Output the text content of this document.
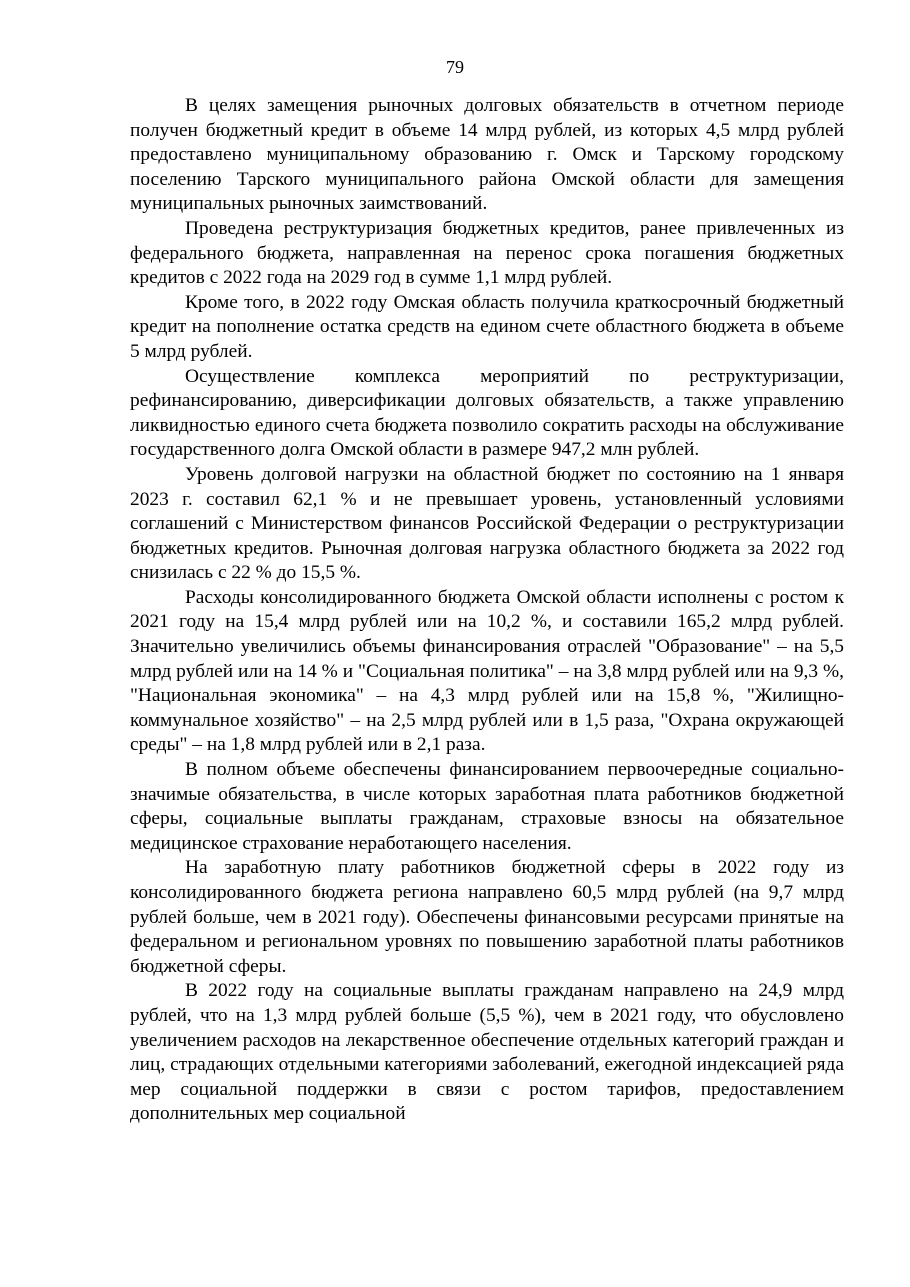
79

В целях замещения рыночных долговых обязательств в отчетном периоде получен бюджетный кредит в объеме 14 млрд рублей, из которых 4,5 млрд рублей предоставлено муниципальному образованию г. Омск и Тарскому городскому поселению Тарского муниципального района Омской области для замещения муниципальных рыночных заимствований.

Проведена реструктуризация бюджетных кредитов, ранее привлеченных из федерального бюджета, направленная на перенос срока погашения бюджетных кредитов с 2022 года на 2029 год в сумме 1,1 млрд рублей.

Кроме того, в 2022 году Омская область получила краткосрочный бюджетный кредит на пополнение остатка средств на едином счете областного бюджета в объеме 5 млрд рублей.

Осуществление комплекса мероприятий по реструктуризации, рефинансированию, диверсификации долговых обязательств, а также управлению ликвидностью единого счета бюджета позволило сократить расходы на обслуживание государственного долга Омской области в размере 947,2 млн рублей.

Уровень долговой нагрузки на областной бюджет по состоянию на 1 января 2023 г. составил 62,1 % и не превышает уровень, установленный условиями соглашений с Министерством финансов Российской Федерации о реструктуризации бюджетных кредитов. Рыночная долговая нагрузка областного бюджета за 2022 год снизилась с 22 % до 15,5 %.

Расходы консолидированного бюджета Омской области исполнены с ростом к 2021 году на 15,4 млрд рублей или на 10,2 %, и составили 165,2 млрд рублей. Значительно увеличились объемы финансирования отраслей "Образование" – на 5,5 млрд рублей или на 14 % и "Социальная политика" – на 3,8 млрд рублей или на 9,3 %, "Национальная экономика" – на 4,3 млрд рублей или на 15,8 %, "Жилищно-коммунальное хозяйство" – на 2,5 млрд рублей или в 1,5 раза, "Охрана окружающей среды" – на 1,8 млрд рублей или в 2,1 раза.

В полном объеме обеспечены финансированием первоочередные социально-значимые обязательства, в числе которых заработная плата работников бюджетной сферы, социальные выплаты гражданам, страховые взносы на обязательное медицинское страхование неработающего населения.

На заработную плату работников бюджетной сферы в 2022 году из консолидированного бюджета региона направлено 60,5 млрд рублей (на 9,7 млрд рублей больше, чем в 2021 году). Обеспечены финансовыми ресурсами принятые на федеральном и региональном уровнях по повышению заработной платы работников бюджетной сферы.

В 2022 году на социальные выплаты гражданам направлено на 24,9 млрд рублей, что на 1,3 млрд рублей больше (5,5 %), чем в 2021 году, что обусловлено увеличением расходов на лекарственное обеспечение отдельных категорий граждан и лиц, страдающих отдельными категориями заболеваний, ежегодной индексацией ряда мер социальной поддержки в связи с ростом тарифов, предоставлением дополнительных мер социальной
